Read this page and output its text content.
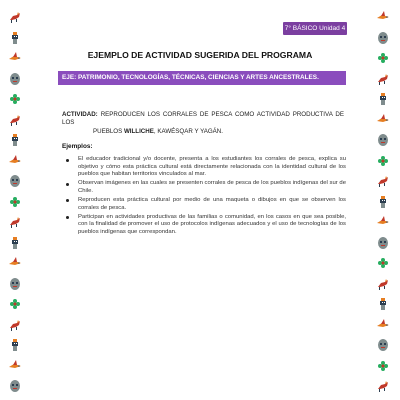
7° BÁSICO Unidad 4
EJEMPLO DE ACTIVIDAD SUGERIDA DEL PROGRAMA
EJE: PATRIMONIO, TECNOLOGÍAS, TÉCNICAS, CIENCIAS Y ARTES ANCESTRALES.
ACTIVIDAD: REPRODUCEN LOS CORRALES DE PESCA COMO ACTIVIDAD PRODUCTIVA DE LOS
PUEBLOS WILLICHE, KAWÉSQAR Y YAGÁN.
Ejemplos:
El educador tradicional y/o docente, presenta a los estudiantes los corrales de pesca, explica su objetivo y cómo esta práctica cultural está directamente relacionada con la identidad cultural de los pueblos que habitan territorios vinculados al mar.
Observan imágenes en las cuales se presenten corrales de pesca de los pueblos indígenas del sur de Chile.
Reproducen esta práctica cultural por medio de una maqueta o dibujos en que se observen los corrales de pesca.
Participan en actividades productivas de las familias o comunidad, en los casos en que sea posible, con la finalidad de promover el uso de protocolos indígenas adecuados y el uso de tecnologías de los pueblos indígenas que correspondan.
